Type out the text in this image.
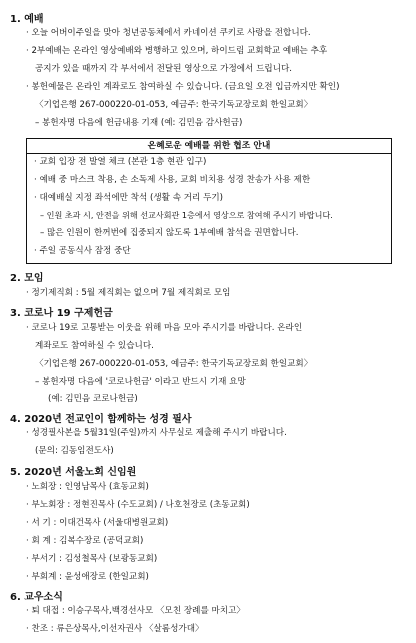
1. 예배
· 오늘 어버이주일을 맞아 청년공동체에서 카네이션 쿠키로 사랑을 전합니다.
· 2부예배는 온라인 영상예배와 병행하고 있으며, 하이드림 교회학교 예배는 추후
공지가 있을 때까지 각 부서에서 전달된 영상으로 가정에서 드립니다.
· 봉헌예물은 온라인 계좌로도 참여하실 수 있습니다. (금요일 오전 입금까지만 확인)
〈기업은행 267-000220-01-053, 예금주: 한국기독교장로회 한일교회〉
– 봉헌자명 다음에 헌금내용 기재 (예: 김민음 감사헌금)
온혜로운 예배를 위한 협조 안내
· 교회 입장 전 발열 체크 (본관 1층 현관 입구)
· 예배 중 마스크 착용, 손 소독제 사용, 교회 비치용 성경 찬송가 사용 제한
· 대예배실 지정 좌석에만 착석 (생활 속 거리 두기)
– 인원 초과 시, 안전을 위해 선교사회관 1층에서 영상으로 참여해 주시기 바랍니다.
– 많은 인원이 한꺼번에 집중되지 않도록 1부예배 참석을 권면합니다.
· 주일 공동식사 잠정 중단
2. 모임
· 정기제직회 : 5월 제직회는 없으며 7월 제직회로 모임
3. 코로나 19 구제헌금
· 코로나 19로 고통받는 이웃을 위해 마음 모아 주시기를 바랍니다. 온라인
계좌로도 참여하실 수 있습니다.
〈기업은행 267-000220-01-053, 예금주: 한국기독교장로회 한일교회〉
– 봉헌자명 다음에 '코로나헌금' 이라고 반드시 기재 요망
(예: 김민음 코로나헌금)
4. 2020년 전교인이 함께하는 성경 필사
· 성경필사본을 5월31일(주일)까지 사무실로 제출해 주시기 바랍니다.
(문의: 김동임전도사)
5. 2020년 서울노회 신임원
· 노회장 : 인영남목사 (효동교회)
· 부노회장 : 정현진목사 (수도교회) / 나호천장로 (초동교회)
· 서 기 : 이대건목사 (서울대병원교회)
· 회 계 : 김복수장로 (공덕교회)
· 부서기 : 김성철목사 (보광동교회)
· 부회계 : 윤성애장로 (한일교회)
6. 교우소식
· 퇴 대접 : 이승구목사,백경선사모 〈모친 장례를 마치고〉
· 찬조 : 류은상목사,이선자권사 〈살롬성가대〉
